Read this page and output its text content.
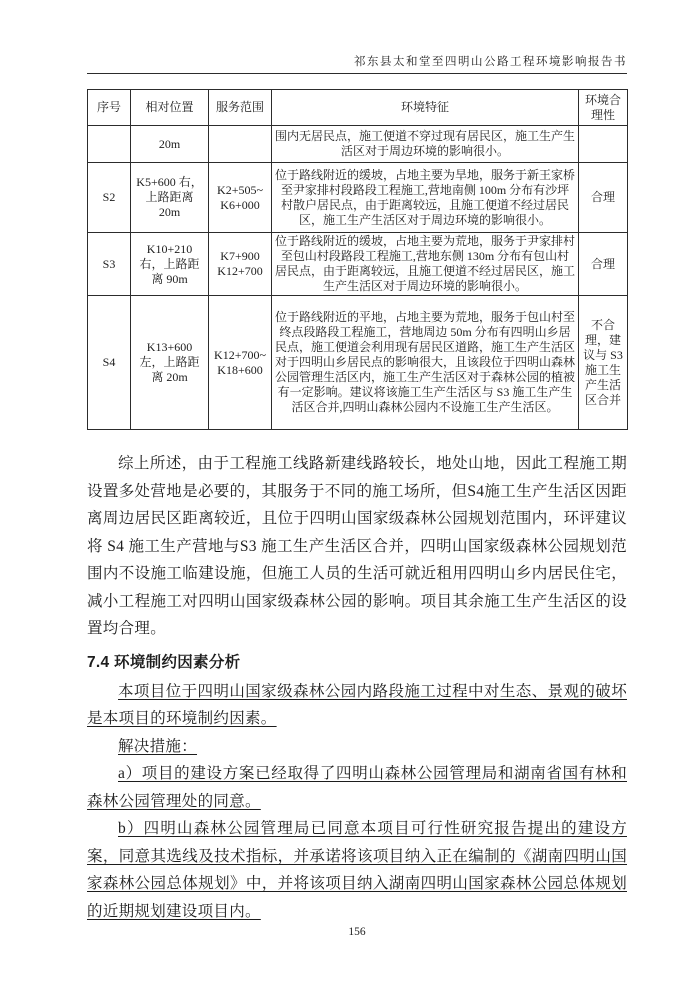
祁东县太和堂至四明山公路工程环境影响报告书
序号	相对位置	服务范围	环境特征	环境合理性
	20m		围内无居民点，施工便道不穿过现有居民区，施工生产生活区对于周边环境的影响很小。	
S2	K5+600 右，上路距离 20m	K2+505~ K6+000	位于路线附近的缓坡，占地主要为旱地，服务于新王家桥至尹家排村段路段工程施工,营地南侧 100m 分布有沙坪村散户居民点，由于距离较远，且施工便道不经过居民区，施工生产生活区对于周边环境的影响很小。	合理
S3	K10+210 右，上路距离 90m	K7+900 K12+700	位于路线附近的缓坡，占地主要为荒地，服务于尹家排村至包山村段路段工程施工,营地东侧 130m 分布有包山村居民点，由于距离较远，且施工便道不经过居民区，施工生产生活区对于周边环境的影响很小。	合理
S4	K13+600 左，上路距离 20m	K12+700~ K18+600	位于路线附近的平地，占地主要为荒地，服务于包山村至终点段路段工程施工，营地周边 50m 分布有四明山乡居民点，施工便道会利用现有居民区道路，施工生产生活区对于四明山乡居民点的影响很大，且该段位于四明山森林公园管理生活区内，施工生产生活区对于森林公园的植被有一定影响。建议将该施工生产生活区与 S3 施工生产生活区合并,四明山森林公园内不设施工生产生活区。	不合理，建议与 S3 施工生产生活区合并

综上所述，由于工程施工线路新建线路较长，地处山地，因此工程施工期设置多处营地是必要的，其服务于不同的施工场所，但S4施工生产生活区因距离周边居民区距离较近，且位于四明山国家级森林公园规划范围内，环评建议将 S4 施工生产营地与S3 施工生产生活区合并，四明山国家级森林公园规划范围内不设施工临建设施，但施工人员的生活可就近租用四明山乡内居民住宅，减小工程施工对四明山国家级森林公园的影响。项目其余施工生产生活区的设置均合理。

7.4 环境制约因素分析

本项目位于四明山国家级森林公园内路段施工过程中对生态、景观的破坏是本项目的环境制约因素。

解决措施：

a）项目的建设方案已经取得了四明山森林公园管理局和湖南省国有林和森林公园管理处的同意。

b）四明山森林公园管理局已同意本项目可行性研究报告提出的建设方案，同意其选线及技术指标，并承诺将该项目纳入正在编制的《湖南四明山国家森林公园总体规划》中，并将该项目纳入湖南四明山国家森林公园总体规划的近期规划建设项目内。

156
